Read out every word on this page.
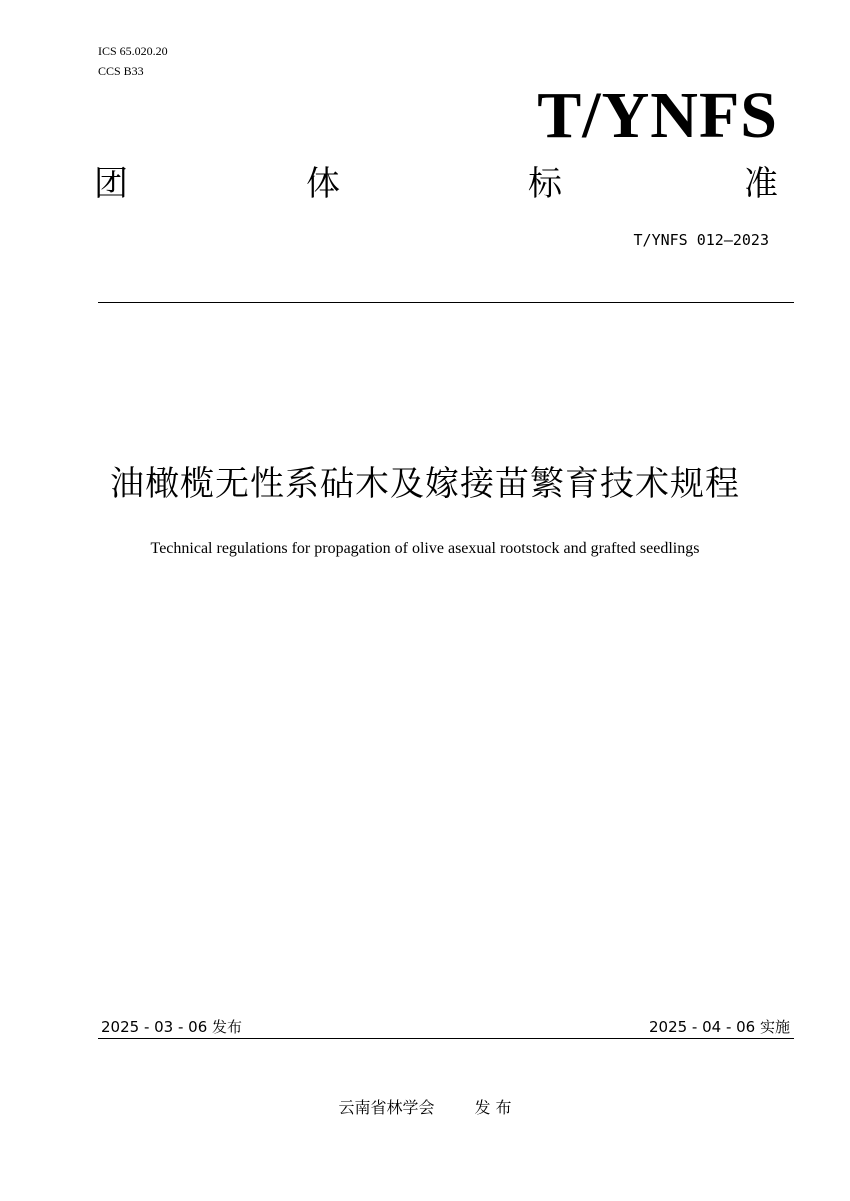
ICS 65.020.20
CCS B33
T/YNFS
团	体	标	准
T/YNFS 012—2023
油橄榄无性系砧木及嫁接苗繁育技术规程
Technical regulations for propagation of olive asexual rootstock and grafted seedlings
2025 - 03 - 06 发布	2025 - 04 - 06 实施
云南省林学会	发 布
